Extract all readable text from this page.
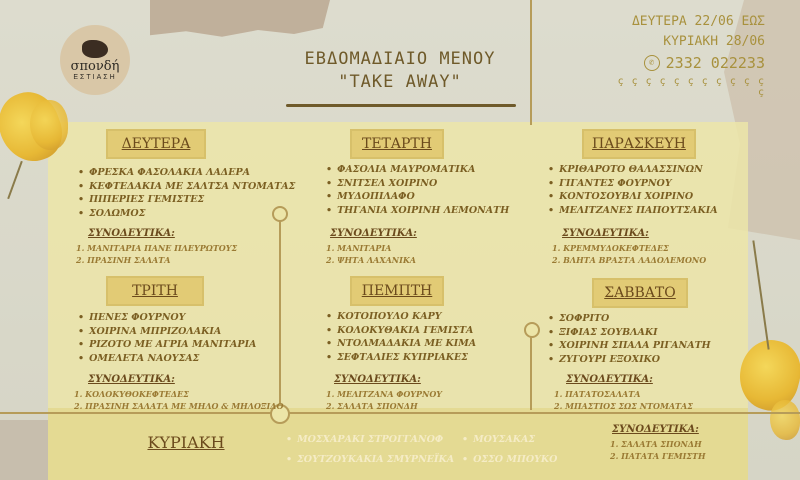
σπονδή
ΕΣΤΙΑΣΗ
ΕΒΔΟΜΑΔΙΑΙΟ ΜΕΝΟΥ
"TAKE AWAY"
ΔΕΥΤΕΡΑ 22/06 ΕΩΣ
ΚΥΡΙΑΚΗ 28/06
✆ 2332 022233
ҫ ҫ ҫ ҫ ҫ ҫ ҫ ҫ ҫ ҫ ҫ ҫ
ΔΕΥΤΕΡΑ
• ΦΡΕΣΚΑ ΦΑΣΟΛΑΚΙΑ ΛΑΔΕΡΑ
• ΚΕΦΤΕΔΑΚΙΑ ΜΕ ΣΑΛΤΣΑ ΝΤΟΜΑΤΑΣ
• ΠΙΠΕΡΙΕΣ ΓΕΜΙΣΤΕΣ
• ΣΟΛΩΜΟΣ
ΣΥΝΟΔΕΥΤΙΚΑ:
1. ΜΑΝΙΤΑΡΙΑ ΠΑΝΕ ΠΛΕΥΡΩΤΟΥΣ
2. ΠΡΑΣΙΝΗ ΣΑΛΑΤΑ
ΤΕΤΑΡΤΗ
• ΦΑΣΟΛΙΑ ΜΑΥΡΟΜΑΤΙΚΑ
• ΣΝΙΤΣΕΛ ΧΟΙΡΙΝΟ
• ΜΥΔΟΠΙΛΑΦΟ
• ΤΗΓΑΝΙΑ ΧΟΙΡΙΝΗ ΛΕΜΟΝΑΤΗ
ΣΥΝΟΔΕΥΤΙΚΑ:
1. ΜΑΝΙΤΑΡΙΑ
2. ΨΗΤΑ ΛΑΧΑΝΙΚΑ
ΠΑΡΑΣΚΕΥΗ
• ΚΡΙΘΑΡΟΤΟ ΘΑΛΑΣΣΙΝΩΝ
• ΓΙΓΑΝΤΕΣ ΦΟΥΡΝΟΥ
• ΚΟΝΤΟΣΟΥΒΛΙ ΧΟΙΡΙΝΟ
• ΜΕΛΙΤΖΑΝΕΣ ΠΑΠΟΥΤΣΑΚΙΑ
ΣΥΝΟΔΕΥΤΙΚΑ:
1. ΚΡΕΜΜΥΔΟΚΕΦΤΕΔΕΣ
2. ΒΛΗΤΑ ΒΡΑΣΤΑ ΛΑΔΟΛΕΜΟΝΟ
ΤΡΙΤΗ
• ΠΕΝΕΣ ΦΟΥΡΝΟΥ
• ΧΟΙΡΙΝΑ ΜΠΡΙΖΟΛΑΚΙΑ
• ΡΙΖΟΤΟ ΜΕ ΑΓΡΙΑ ΜΑΝΙΤΑΡΙΑ
• ΟΜΕΛΕΤΑ ΝΑΟΥΣΑΣ
ΣΥΝΟΔΕΥΤΙΚΑ:
1. ΚΟΛΟΚΥΘΟΚΕΦΤΕΔΕΣ
2. ΠΡΑΣΙΝΗ ΣΑΛΑΤΑ ΜΕ ΜΗΛΟ & ΜΗΛΟΞΙΔΟ
ΠΕΜΠΤΗ
• ΚΟΤΟΠΟΥΛΟ ΚΑΡΥ
• ΚΟΛΟΚΥΘΑΚΙΑ ΓΕΜΙΣΤΑ
• ΝΤΟΛΜΑΔΑΚΙΑ ΜΕ ΚΙΜΑ
• ΣΕΦΤΑΛΙΕΣ ΚΥΠΡΙΑΚΕΣ
ΣΥΝΟΔΕΥΤΙΚΑ:
1. ΜΕΛΙΤΖΑΝΑ ΦΟΥΡΝΟΥ
2. ΣΑΛΑΤΑ ΣΠΟΝΔΗ
ΣΑΒΒΑΤΟ
• ΣΟΦΡΙΤΟ
• ΞΙΦΙΑΣ ΣΟΥΒΛΑΚΙ
• ΧΟΙΡΙΝΗ ΣΠΑΛΑ ΡΙΓΑΝΑΤΗ
• ΖΥΓΟΥΡΙ ΕΞΟΧΙΚΟ
ΣΥΝΟΔΕΥΤΙΚΑ:
1. ΠΑΤΑΤΟΣΑΛΑΤΑ
2. ΜΠΑΣΤΙΟΣ ΣΩΣ ΝΤΟΜΑΤΑΣ
ΚΥΡΙΑΚΗ
•	ΜΟΣΧΑΡΑΚΙ ΣΤΡΟΓΓΑΝΟΦ
• ΣΟΥΤΖΟΥΚΑΚΙΑ ΣΜΥΡΝΕΪΚΑ
• ΜΟΥΣΑΚΑΣ
• ΟΣΣΟ ΜΠΟΥΚΟ
ΣΥΝΟΔΕΥΤΙΚΑ:
1. ΣΑΛΑΤΑ ΣΠΟΝΔΗ
2. ΠΑΤΑΤΑ ΓΕΜΙΣΤΗ
